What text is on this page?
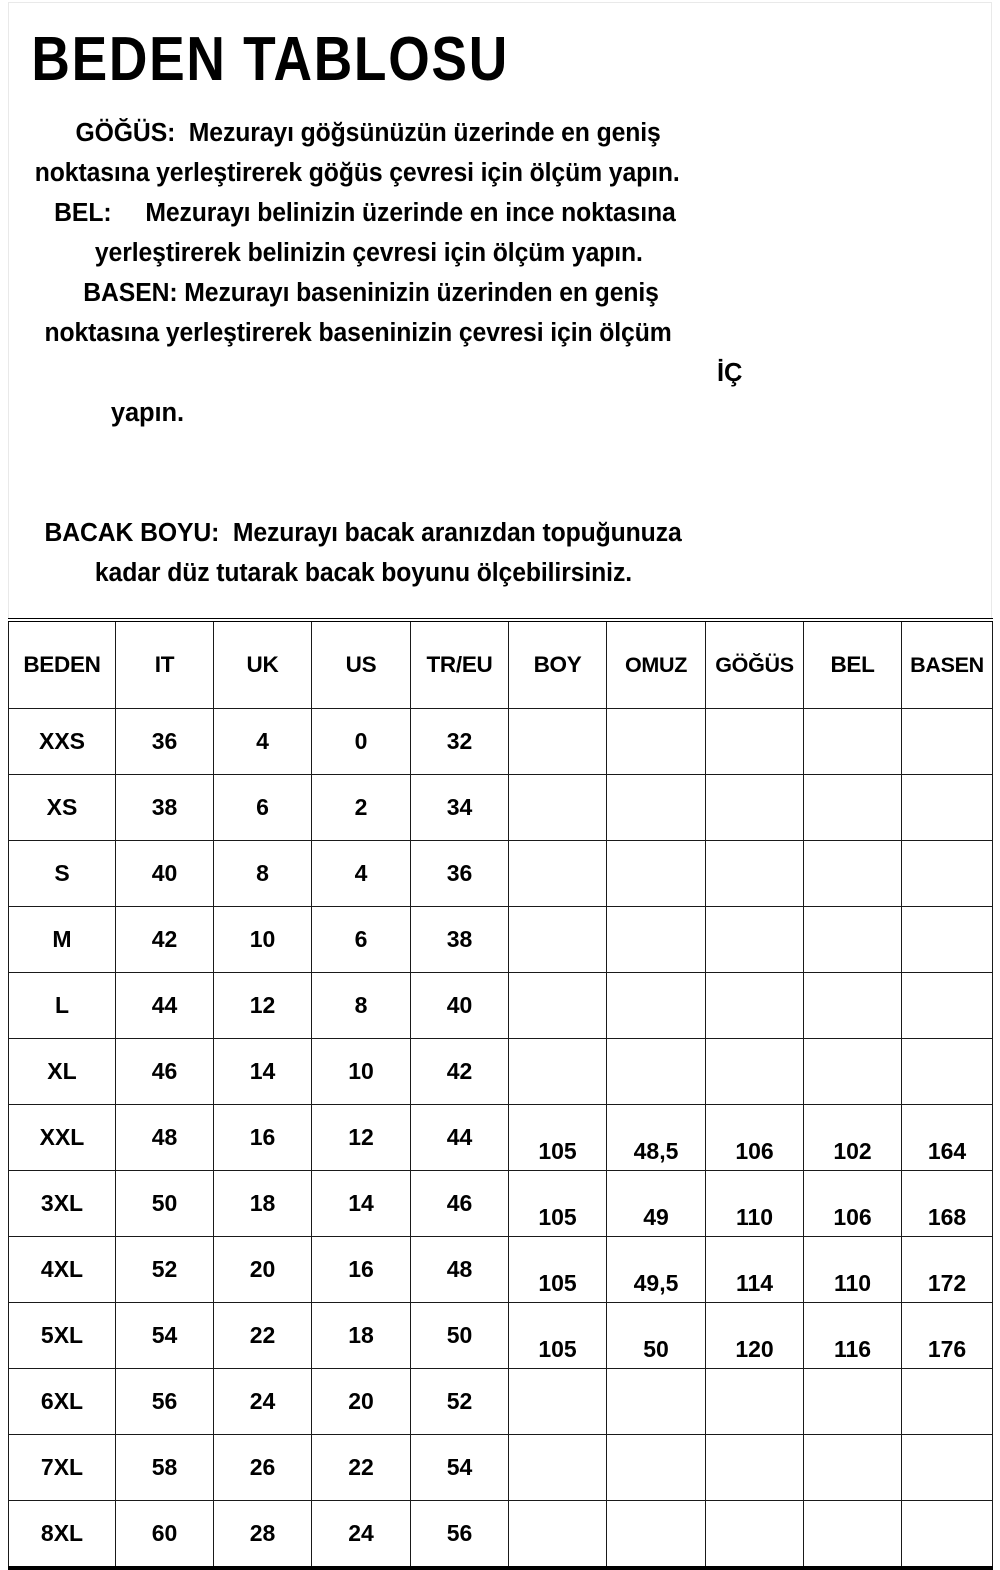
BEDEN TABLOSU
GÖĞÜS:  Mezurayı göğsünüzün üzerinde en geniş
noktasına yerleştirerek göğüs çevresi için ölçüm yapın.
BEL:     Mezurayı belinizin üzerinde en ince noktasına
yerleştirerek belinizin çevresi için ölçüm yapın.
BASEN: Mezurayı baseninizin üzerinden en geniş
noktasına yerleştirerek baseninizin çevresi için ölçüm

yapın.

İÇ

BACAK BOYU:  Mezurayı bacak aranızdan topuğunuza
kadar düz tutarak bacak boyunu ölçebilirsiniz.
BEDEN	IT	UK	US	TR/EU	BOY	OMUZ	GÖĞÜS	BEL	BASEN
XXS	36	4	0	32					
XS	38	6	2	34					
S	40	8	4	36					
M	42	10	6	38					
L	44	12	8	40					
XL	46	14	10	42					
XXL	48	16	12	44	105	48,5	106	102	164
3XL	50	18	14	46	105	49	110	106	168
4XL	52	20	16	48	105	49,5	114	110	172
5XL	54	22	18	50	105	50	120	116	176
6XL	56	24	20	52					
7XL	58	26	22	54					
8XL	60	28	24	56					
